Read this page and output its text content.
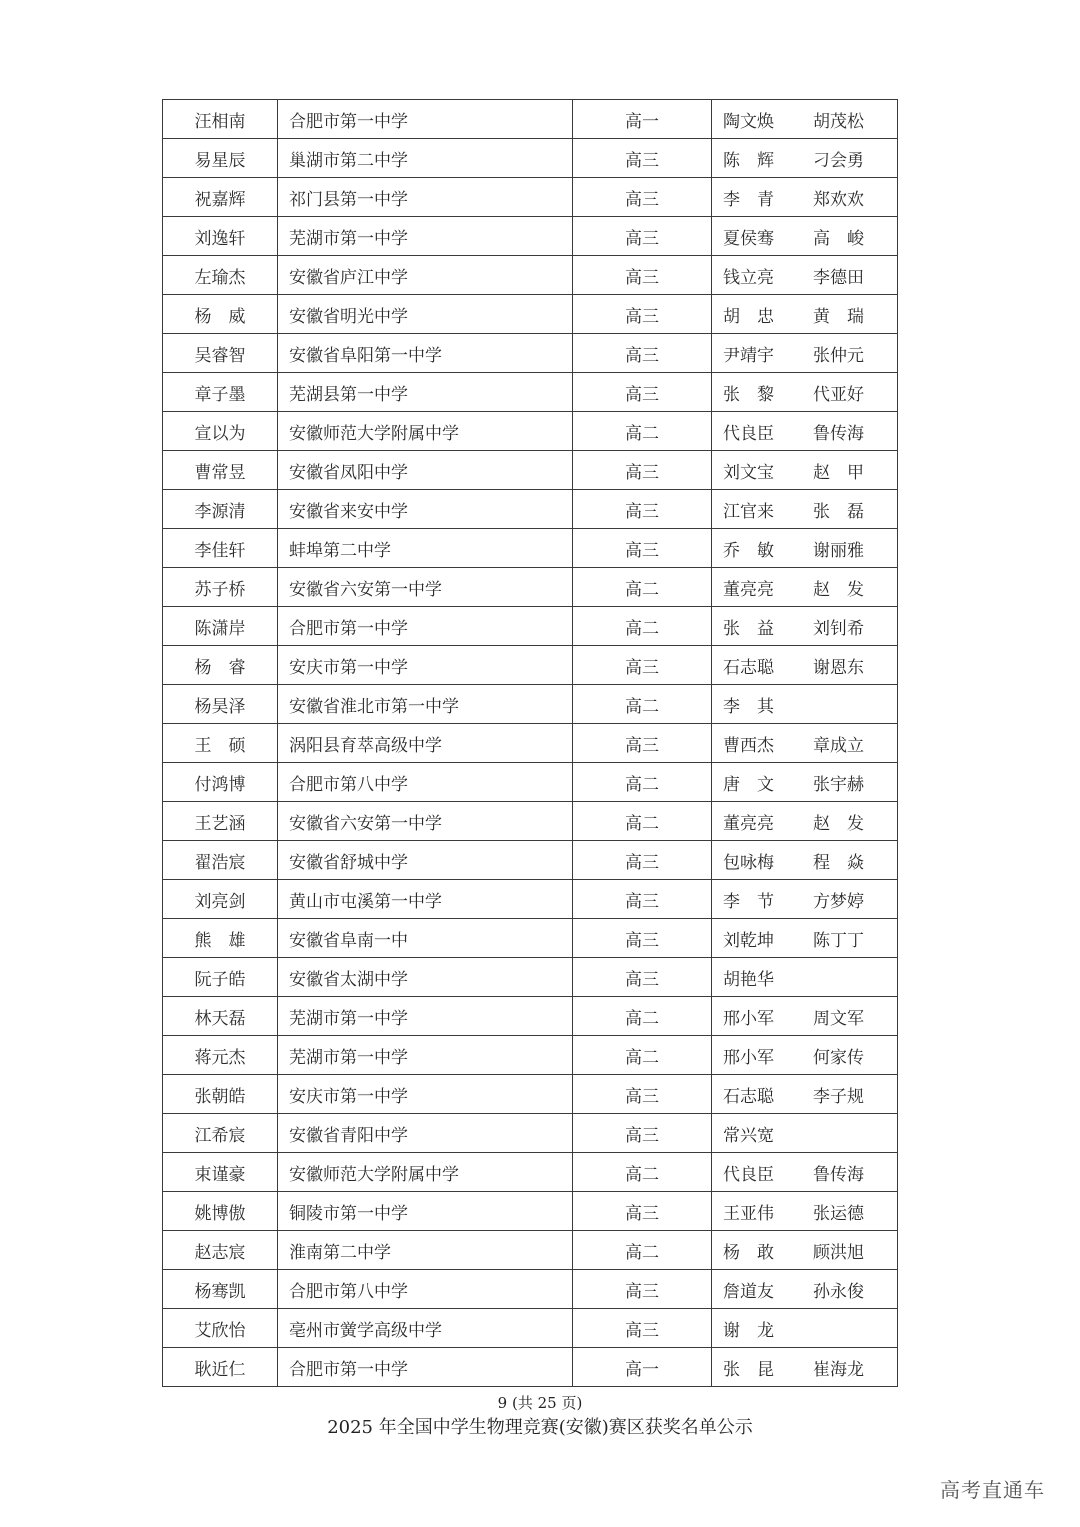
汪相南	合肥市第一中学	高一	陶文焕 胡茂松
易星辰	巢湖市第二中学	高三	陈　辉 刁会勇
祝嘉辉	祁门县第一中学	高三	李　青 郑欢欢
刘逸轩	芜湖市第一中学	高三	夏侯骞 高　峻
左瑜杰	安徽省庐江中学	高三	钱立亮 李德田
杨　威	安徽省明光中学	高三	胡　忠 黄　瑞
吴睿智	安徽省阜阳第一中学	高三	尹靖宇 张仲元
章子墨	芜湖县第一中学	高三	张　黎 代亚好
宣以为	安徽师范大学附属中学	高二	代良臣 鲁传海
曹常昱	安徽省凤阳中学	高三	刘文宝 赵　甲
李源清	安徽省来安中学	高三	江官来 张　磊
李佳轩	蚌埠第二中学	高三	乔　敏 谢丽雅
苏子桥	安徽省六安第一中学	高二	董亮亮 赵　发
陈潇岸	合肥市第一中学	高二	张　益 刘钊希
杨　睿	安庆市第一中学	高三	石志聪 谢恩东
杨昊泽	安徽省淮北市第一中学	高二	李　其
王　硕	涡阳县育萃高级中学	高三	曹西杰 章成立
付鸿博	合肥市第八中学	高二	唐　文 张宇赫
王艺涵	安徽省六安第一中学	高二	董亮亮 赵　发
翟浩宸	安徽省舒城中学	高三	包咏梅 程　焱
刘亮剑	黄山市屯溪第一中学	高三	李　节 方梦婷
熊　雄	安徽省阜南一中	高三	刘乾坤 陈丁丁
阮子皓	安徽省太湖中学	高三	胡艳华
林天磊	芜湖市第一中学	高二	邢小军 周文军
蒋元杰	芜湖市第一中学	高二	邢小军 何家传
张朝皓	安庆市第一中学	高三	石志聪 李子规
江希宸	安徽省青阳中学	高三	常兴宽
束谨豪	安徽师范大学附属中学	高二	代良臣 鲁传海
姚博傲	铜陵市第一中学	高三	王亚伟 张运德
赵志宸	淮南第二中学	高二	杨　敢 顾洪旭
杨骞凯	合肥市第八中学	高三	詹道友 孙永俊
艾欣怡	亳州市黉学高级中学	高三	谢　龙
耿近仁	合肥市第一中学	高一	张　昆 崔海龙
9 (共 25 页)
2025 年全国中学生物理竞赛(安徽)赛区获奖名单公示
高考直通车
